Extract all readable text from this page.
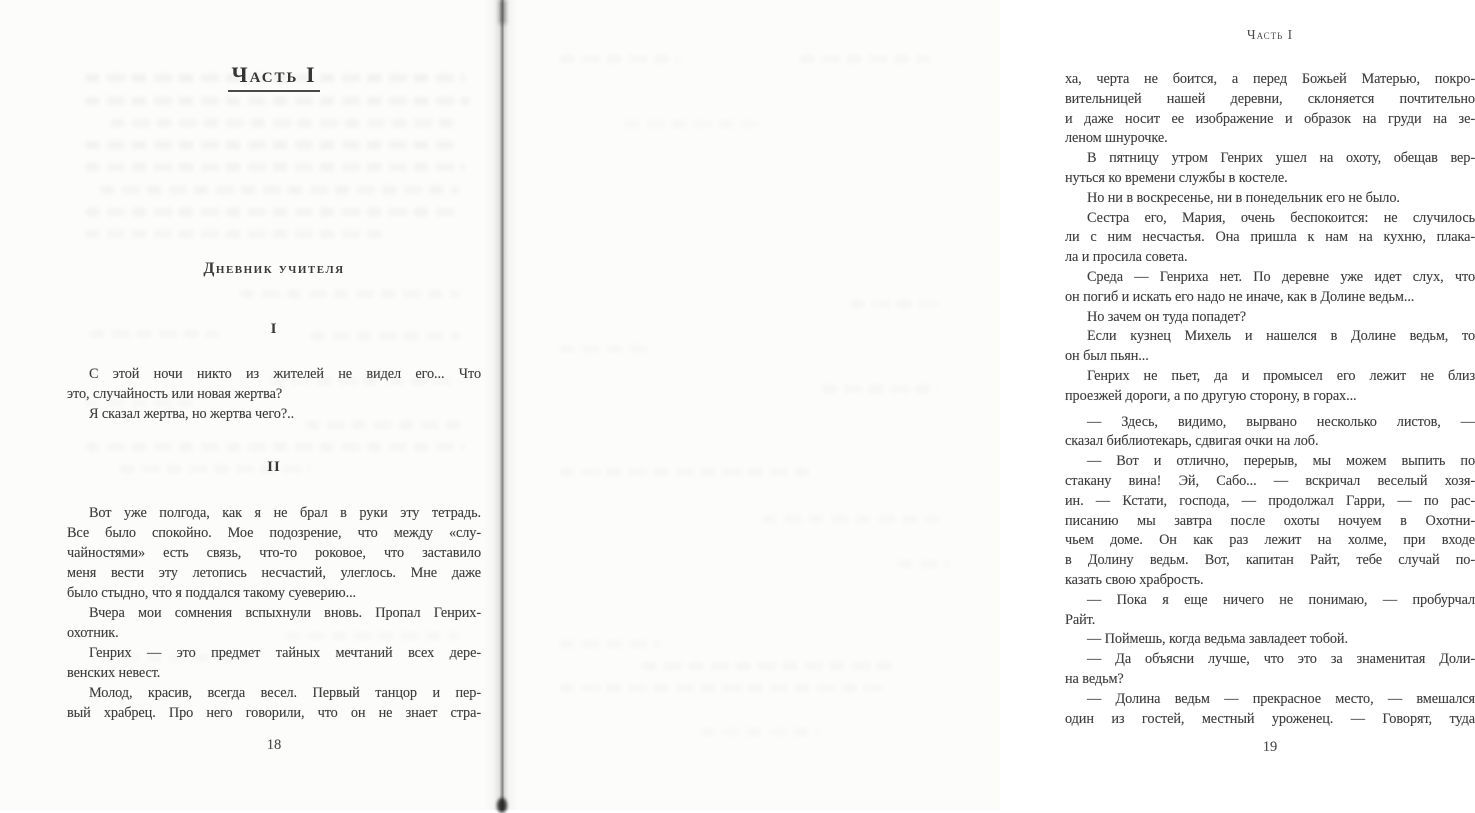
Часть I
Дневник учителя
I
С этой ночи никто из жителей не видел его... Что
это, случайность или новая жертва?
Я сказал жертва, но жертва чего?..
II
Вот уже полгода, как я не брал в руки эту тетрадь.
Все было спокойно. Мое подозрение, что между «слу-
чайностями» есть связь, что-то роковое, что заставило
меня вести эту летопись несчастий, улеглось. Мне даже
было стыдно, что я поддался такому суеверию...
Вчера мои сомнения вспыхнули вновь. Пропал Генрих-
охотник.
Генрих — это предмет тайных мечтаний всех дере-
венских невест.
Молод, красив, всегда весел. Первый танцор и пер-
вый храбрец. Про него говорили, что он не знает стра-
18
Часть I
ха, черта не боится, а перед Божьей Матерью, покро-
вительницей нашей деревни, склоняется почтительно
и даже носит ее изображение и образок на груди на зе-
леном шнурочке.
В пятницу утром Генрих ушел на охоту, обещав вер-
нуться ко времени службы в костеле.
Но ни в воскресенье, ни в понедельник его не было.
Сестра его, Мария, очень беспокоится: не случилось
ли с ним несчастья. Она пришла к нам на кухню, плака-
ла и просила совета.
Среда — Генриха нет. По деревне уже идет слух, что
он погиб и искать его надо не иначе, как в Долине ведьм...
Но зачем он туда попадет?
Если кузнец Михель и нашелся в Долине ведьм, то
он был пьян...
Генрих не пьет, да и промысел его лежит не близ
проезжей дороги, а по другую сторону, в горах...
— Здесь, видимо, вырвано несколько листов, —
сказал библиотекарь, сдвигая очки на лоб.
— Вот и отлично, перерыв, мы можем выпить по
стакану вина! Эй, Сабо... — вскричал веселый хозя-
ин. — Кстати, господа, — продолжал Гарри, — по рас-
писанию мы завтра после охоты ночуем в Охотни-
чьем доме. Он как раз лежит на холме, при входе
в Долину ведьм. Вот, капитан Райт, тебе случай по-
казать свою храбрость.
— Пока я еще ничего не понимаю, — пробурчал
Райт.
— Поймешь, когда ведьма завладеет тобой.
— Да объясни лучше, что это за знаменитая Доли-
на ведьм?
— Долина ведьм — прекрасное место, — вмешался
один из гостей, местный уроженец. — Говорят, туда
19
